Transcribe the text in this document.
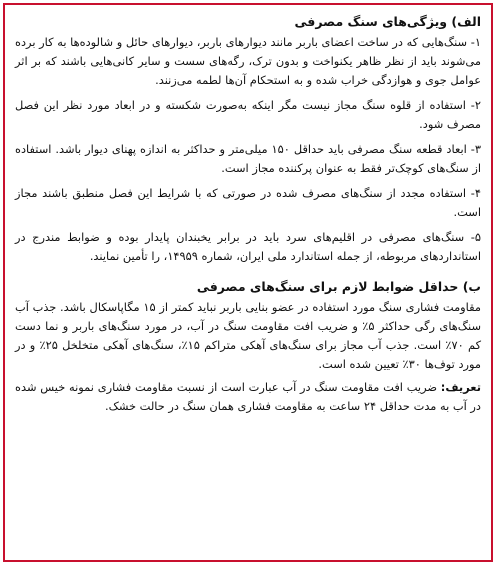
الف) ویژگی‌های سنگ مصرفی
۱- سنگ‌هایی که در ساخت اعضای باربر مانند دیوارهای باربر، دیوارهای حائل و شالوده‌ها به کار برده می‌شوند باید از نظر ظاهر یکنواخت و بدون ترک، رگه‌های سست و سایر کانی‌هایی باشند که بر اثر عوامل جوی و هوازدگی خراب شده و به استحکام آن‌ها لطمه می‌زنند.
۲- استفاده از قلوه سنگ مجاز نیست مگر اینکه به‌صورت شکسته و در ابعاد مورد نظر این فصل مصرف شود.
۳- ابعاد قطعه سنگ مصرفی باید حداقل ۱۵۰ میلی‌متر و حداکثر به اندازه پهنای دیوار باشد. استفاده از سنگ‌های کوچک‌تر فقط به عنوان پرکننده مجاز است.
۴- استفاده مجدد از سنگ‌های مصرف شده در صورتی که با شرایط این فصل منطبق باشند مجاز است.
۵- سنگ‌های مصرفی در اقلیم‌های سرد باید در برابر یخبندان پایدار بوده و ضوابط مندرج در استانداردهای مربوطه، از جمله استاندارد ملی ایران، شماره ۱۴۹۵۹، را تأمین نمایند.
ب) حداقل ضوابط لازم برای سنگ‌های مصرفی

مقاومت فشاری سنگ مورد استفاده در عضو بنایی باربر نباید کمتر از ۱۵ مگاپاسکال باشد. جذب آب سنگ‌های رگی حداکثر ۵٪ و ضریب افت مقاومت سنگ در آب، در مورد سنگ‌های باربر و نما دست کم ۷۰٪ است. جذب آب مجاز برای سنگ‌های آهکی متراکم ۱۵٪، سنگ‌های آهکی متخلخل ۲۵٪ و در مورد توف‌ها ۳۰٪ تعیین شده است.

تعریف: ضریب افت مقاومت سنگ در آب عبارت است از نسبت مقاومت فشاری نمونه خیس شده در آب به مدت حداقل ۲۴ ساعت به مقاومت فشاری همان سنگ در حالت خشک.
